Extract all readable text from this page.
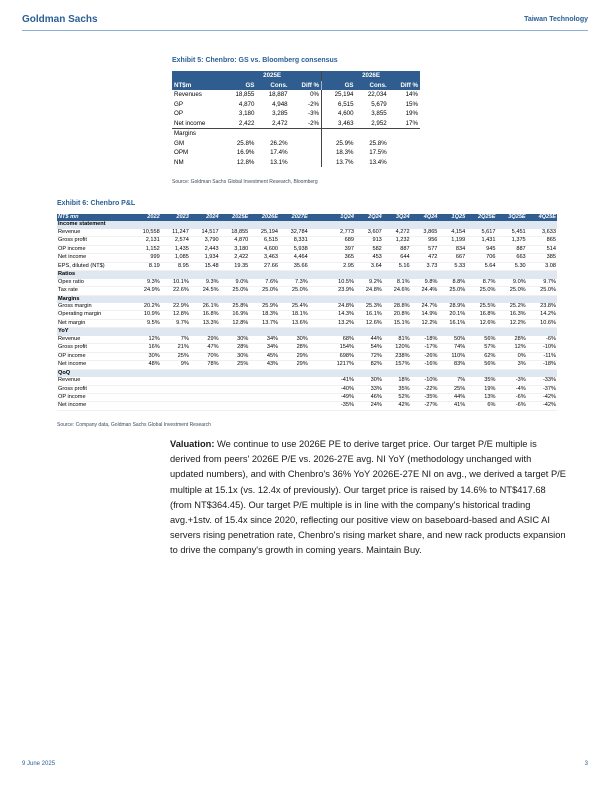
Goldman Sachs	Taiwan Technology
Exhibit 5: Chenbro: GS vs. Bloomberg consensus
	2025E			2026E		
NT$m	GS	Cons.	Diff %	GS	Cons.	Diff %
Revenues	18,855	18,887	0%	25,194	22,034	14%
GP	4,870	4,948	-2%	6,515	5,679	15%
OP	3,180	3,285	-3%	4,600	3,855	19%
Net income	2,422	2,472	-2%	3,463	2,952	17%
Margins						
GM	25.8%	26.2%		25.9%	25.8%	
OPM	16.9%	17.4%		18.3%	17.5%	
NM	12.8%	13.1%		13.7%	13.4%	
Source: Goldman Sachs Global Investment Research, Bloomberg
Exhibit 6: Chenbro P&L
NT$ mn	2022	2023	2024	2025E	2026E	2027E		1Q24	2Q24	3Q24	4Q24	1Q25	2Q25E	3Q25E	4Q25E
Income statement															
Revenue	10,558	11,247	14,517	18,855	25,194	32,784		2,773	3,607	4,272	3,865	4,154	5,617	5,451	3,633
Gross profit	2,131	2,574	3,790	4,870	6,515	8,331		689	913	1,232	956	1,199	1,431	1,375	865
OP income	1,152	1,435	2,443	3,180	4,600	5,938		397	582	887	577	834	945	887	514
Net income	999	1,085	1,934	2,422	3,463	4,464		365	453	644	472	667	706	663	385
EPS, diluted (NT$)	8.19	8.95	15.48	19.35	27.66	35.66		2.95	3.64	5.16	3.73	5.33	5.64	5.30	3.08
Ratios															
Opex ratio	9.3%	10.1%	9.3%	9.0%	7.6%	7.3%		10.5%	9.2%	8.1%	9.8%	8.8%	8.7%	9.0%	9.7%
Tax rate	24.9%	22.6%	24.5%	25.0%	25.0%	25.0%		23.9%	24.8%	24.6%	24.4%	25.0%	25.0%	25.0%	25.0%
Margins															
Gross margin	20.2%	22.9%	26.1%	25.8%	25.9%	25.4%		24.8%	25.3%	28.8%	24.7%	28.9%	25.5%	25.2%	23.8%
Operating margin	10.9%	12.8%	16.8%	16.9%	18.3%	18.1%		14.3%	16.1%	20.8%	14.9%	20.1%	16.8%	16.3%	14.2%
Net margin	9.5%	9.7%	13.3%	12.8%	13.7%	13.6%		13.2%	12.6%	15.1%	12.2%	16.1%	12.6%	12.2%	10.6%
YoY															
Revenue	12%	7%	29%	30%	34%	30%		68%	44%	81%	-18%	50%	56%	28%	-6%
Gross profit	16%	21%	47%	28%	34%	28%		154%	54%	120%	-17%	74%	57%	12%	-10%
OP income	30%	25%	70%	30%	45%	29%		698%	72%	238%	-26%	110%	62%	0%	-11%
Net income	48%	9%	78%	25%	43%	29%		1217%	82%	157%	-16%	83%	56%	3%	-18%
QoQ															
Revenue								-41%	30%	18%	-10%	7%	35%	-3%	-33%
Gross profit								-40%	33%	35%	-22%	25%	19%	-4%	-37%
OP income								-49%	46%	52%	-35%	44%	13%	-6%	-42%
Net income								-35%	24%	42%	-27%	41%	6%	-6%	-42%
Source: Company data, Goldman Sachs Global Investment Research
Valuation: We continue to use 2026E PE to derive target price. Our target P/E multiple is derived from peers' 2026E P/E vs. 2026-27E avg. NI YoY (methodology unchanged with updated numbers), and with Chenbro's 36% YoY 2026E-27E NI on avg., we derived a target P/E multiple at 15.1x (vs. 12.4x of previously). Our target price is raised by 14.6% to NT$417.68 (from NT$364.45). Our target P/E multiple is in line with the company's historical trading avg.+1stv. of 15.4x since 2020, reflecting our positive view on baseboard-based and ASIC AI servers rising penetration rate, Chenbro's rising market share, and new rack products expansion to drive the company's growth in coming years. Maintain Buy.
9 June 2025	3
